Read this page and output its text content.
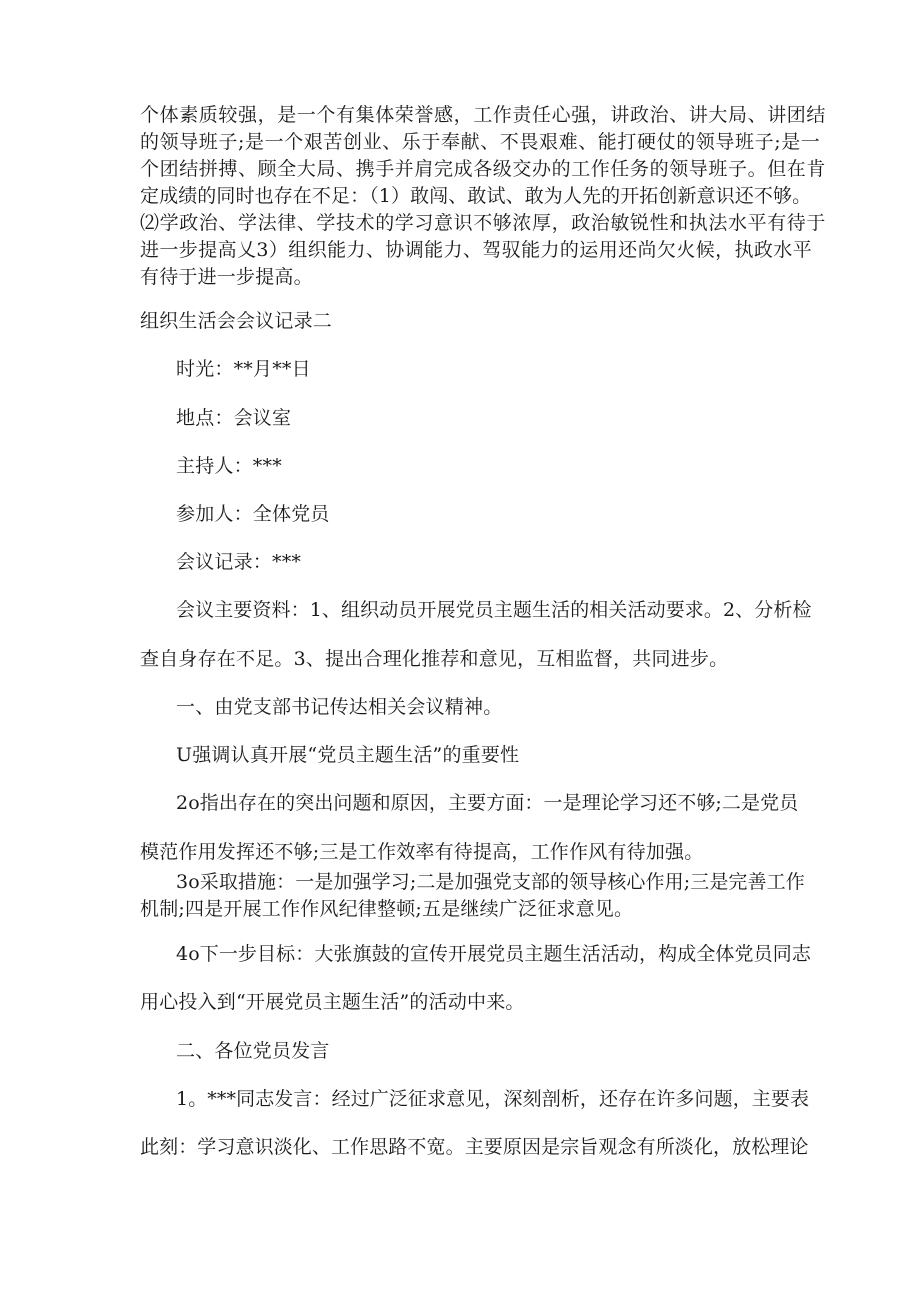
个体素质较强，是一个有集体荣誉感，工作责任心强，讲政治、讲大局、讲团结
的领导班子;是一个艰苦创业、乐于奉献、不畏艰难、能打硬仗的领导班子;是一
个团结拼搏、顾全大局、携手并肩完成各级交办的工作任务的领导班子。但在肯
定成绩的同时也存在不足：（1）敢闯、敢试、敢为人先的开拓创新意识还不够。
⑵学政治、学法律、学技术的学习意识不够浓厚，政治敏锐性和执法水平有待于
进一步提高乂3）组织能力、协调能力、驾驭能力的运用还尚欠火候，执政水平
有待于进一步提高。
组织生活会会议记录二
时光：**月**日
地点：会议室
主持人：***
参加人：全体党员
会议记录：***
会议主要资料：1、组织动员开展党员主题生活的相关活动要求。2、分析检
查自身存在不足。3、提出合理化推荐和意见，互相监督，共同进步。
一、由党支部书记传达相关会议精神。
U强调认真开展“党员主题生活”的重要性
2o指出存在的突出问题和原因，主要方面：一是理论学习还不够;二是党员
模范作用发挥还不够;三是工作效率有待提高，工作作风有待加强。
3o采取措施：一是加强学习;二是加强党支部的领导核心作用;三是完善工作
机制;四是开展工作作风纪律整顿;五是继续广泛征求意见。
4o下一步目标：大张旗鼓的宣传开展党员主题生活活动，构成全体党员同志
用心投入到“开展党员主题生活”的活动中来。
二、各位党员发言
1。***同志发言：经过广泛征求意见，深刻剖析，还存在许多问题，主要表
此刻：学习意识淡化、工作思路不宽。主要原因是宗旨观念有所淡化，放松理论
